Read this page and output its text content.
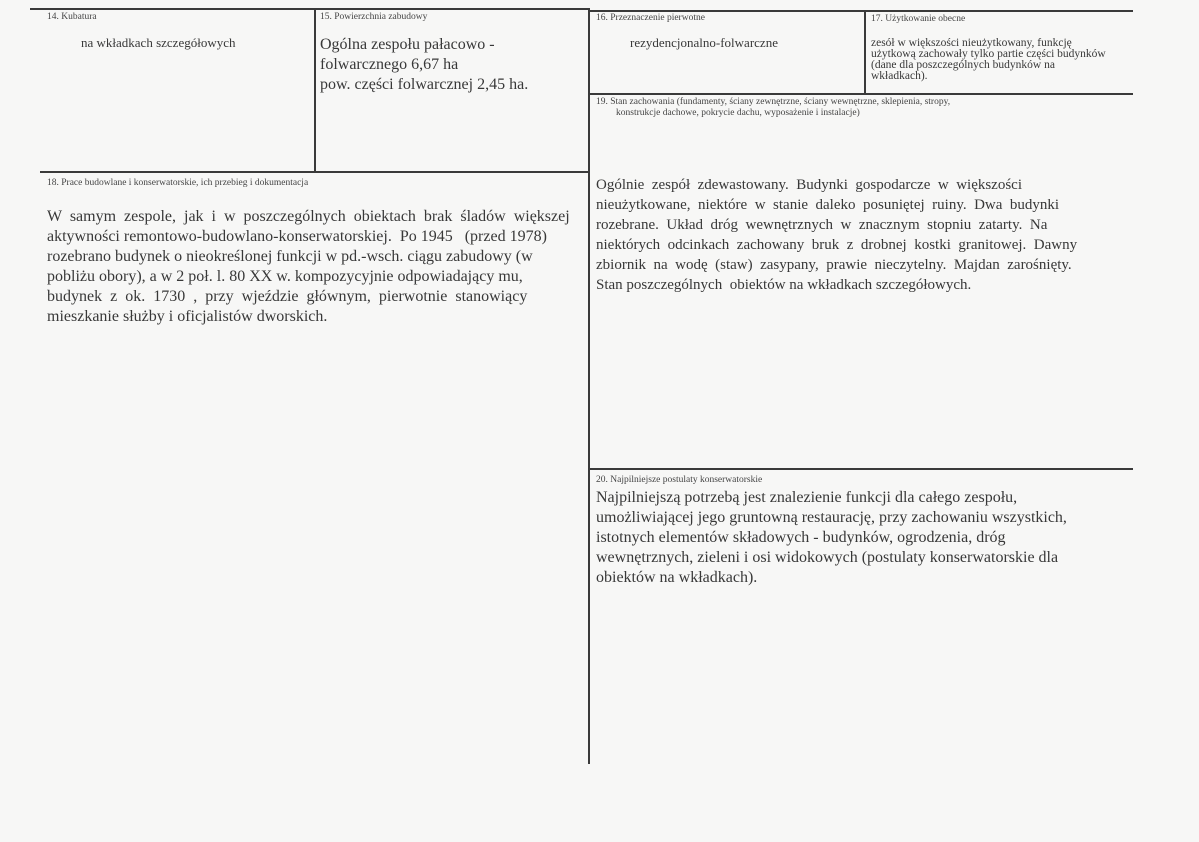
14. Kubatura
na wkładkach szczegółowych
15. Powierzchnia zabudowy
Ogólna zespołu pałacowo -
folwarcznego 6,67 ha
pow. części folwarcznej 2,45 ha.
16. Przeznaczenie pierwotne
rezydencjonalno-folwarczne
17. Użytkowanie obecne
zesół w większości nieużytkowany, funkcję
użytkową zachowały tylko partie części budynków
(dane dla poszczególnych budynków na
wkładkach).
19. Stan zachowania (fundamenty, ściany zewnętrzne, ściany wewnętrzne, sklepienia, stropy,
konstrukcje dachowe, pokrycie dachu, wyposażenie i instalacje)
Ogólnie  zespół  zdewastowany.  Budynki  gospodarcze  w  większości
nieużytkowane,  niektóre  w  stanie  daleko  posuniętej  ruiny.  Dwa  budynki
rozebrane.  Układ  dróg  wewnętrznych  w  znacznym  stopniu  zatarty.  Na
niektórych  odcinkach  zachowany  bruk  z  drobnej  kostki  granitowej.  Dawny
zbiornik  na  wodę  (staw)  zasypany,  prawie  nieczytelny.  Majdan  zarośnięty.
Stan poszczególnych  obiektów na wkładkach szczegółowych.
18. Prace budowlane i konserwatorskie, ich przebieg i dokumentacja
W  samym  zespole,  jak  i  w  poszczególnych  obiektach  brak  śladów  większej
aktywności remontowo-budowlano-konserwatorskiej.  Po 1945   (przed 1978)
rozebrano budynek o nieokreślonej funkcji w pd.-wsch. ciągu zabudowy (w
pobliżu obory), a w 2 poł. l. 80 XX w. kompozycyjnie odpowiadający mu,
budynek  z  ok.  1730  ,  przy  wjeździe  głównym,  pierwotnie  stanowiący
mieszkanie służby i oficjalistów dworskich.
20. Najpilniejsze postulaty konserwatorskie
Najpilniejszą potrzebą jest znalezienie funkcji dla całego zespołu,
umożliwiającej jego gruntowną restaurację, przy zachowaniu wszystkich,
istotnych elementów składowych - budynków, ogrodzenia, dróg
wewnętrznych, zieleni i osi widokowych (postulaty konserwatorskie dla
obiektów na wkładkach).
